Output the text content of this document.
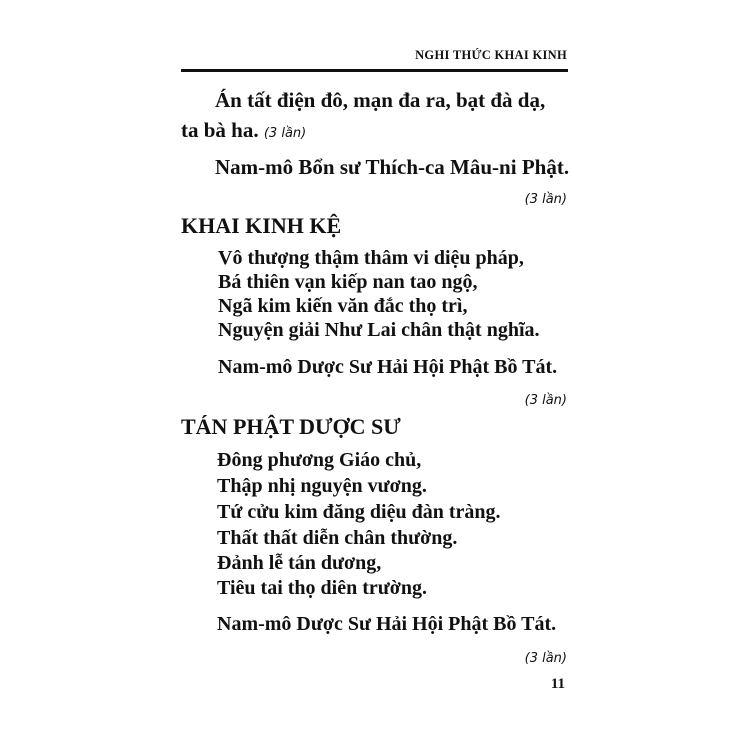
NGHI THỨC KHAI KINH
Án tất điện đô, mạn đa ra, bạt đà dạ,
ta bà ha. (3 lần)
Nam-mô Bổn sư Thích-ca Mâu-ni Phật.
(3 lần)
KHAI KINH KỆ
Vô thượng thậm thâm vi diệu pháp,
Bá thiên vạn kiếp nan tao ngộ,
Ngã kim kiến văn đắc thọ trì,
Nguyện giải Như Lai chân thật nghĩa.
Nam-mô Dược Sư Hải Hội Phật Bồ Tát.
(3 lần)
TÁN PHẬT DƯỢC SƯ
Đông phương Giáo chủ,
Thập nhị nguyện vương.
Tứ cửu kim đăng diệu đàn tràng.
Thất thất diễn chân thường.
Đảnh lễ tán dương,
Tiêu tai thọ diên trường.
Nam-mô Dược Sư Hải Hội Phật Bồ Tát.
(3 lần)
11
